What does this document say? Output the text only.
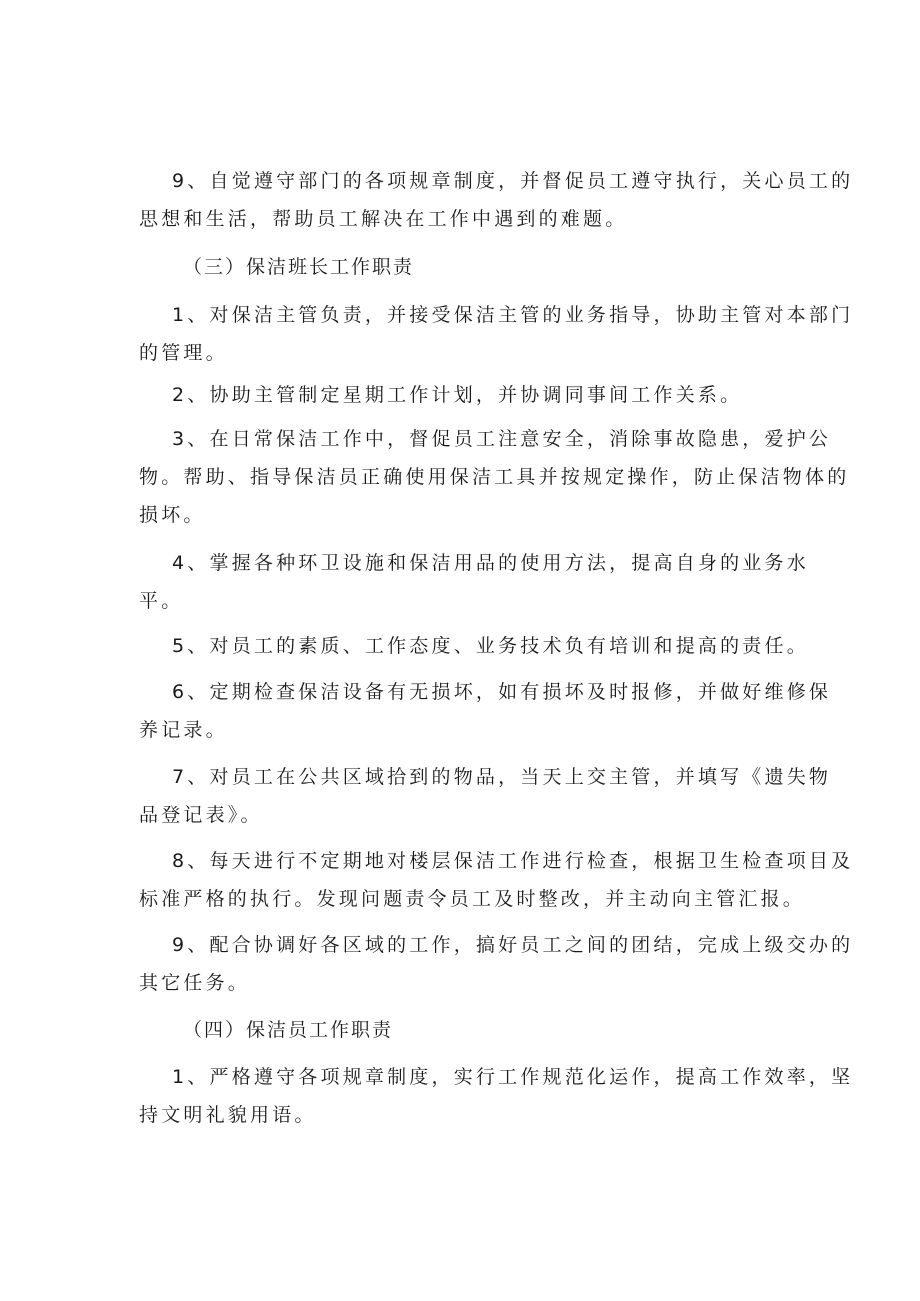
9、自觉遵守部门的各项规章制度，并督促员工遵守执行，关心员工的
思想和生活，帮助员工解决在工作中遇到的难题。
（三）保洁班长工作职责
1、对保洁主管负责，并接受保洁主管的业务指导，协助主管对本部门
的管理。
2、协助主管制定星期工作计划，并协调同事间工作关系。
3、在日常保洁工作中，督促员工注意安全，消除事故隐患，爱护公
物。帮助、指导保洁员正确使用保洁工具并按规定操作，防止保洁物体的
损坏。
4、掌握各种环卫设施和保洁用品的使用方法，提高自身的业务水
平。
5、对员工的素质、工作态度、业务技术负有培训和提高的责任。
6、定期检查保洁设备有无损坏，如有损坏及时报修，并做好维修保
养记录。
7、对员工在公共区域拾到的物品，当天上交主管，并填写《遗失物
品登记表》。
8、每天进行不定期地对楼层保洁工作进行检查，根据卫生检查项目及
标准严格的执行。发现问题责令员工及时整改，并主动向主管汇报。
9、配合协调好各区域的工作，搞好员工之间的团结，完成上级交办的
其它任务。
（四）保洁员工作职责
1、严格遵守各项规章制度，实行工作规范化运作，提高工作效率，坚
持文明礼貌用语。
